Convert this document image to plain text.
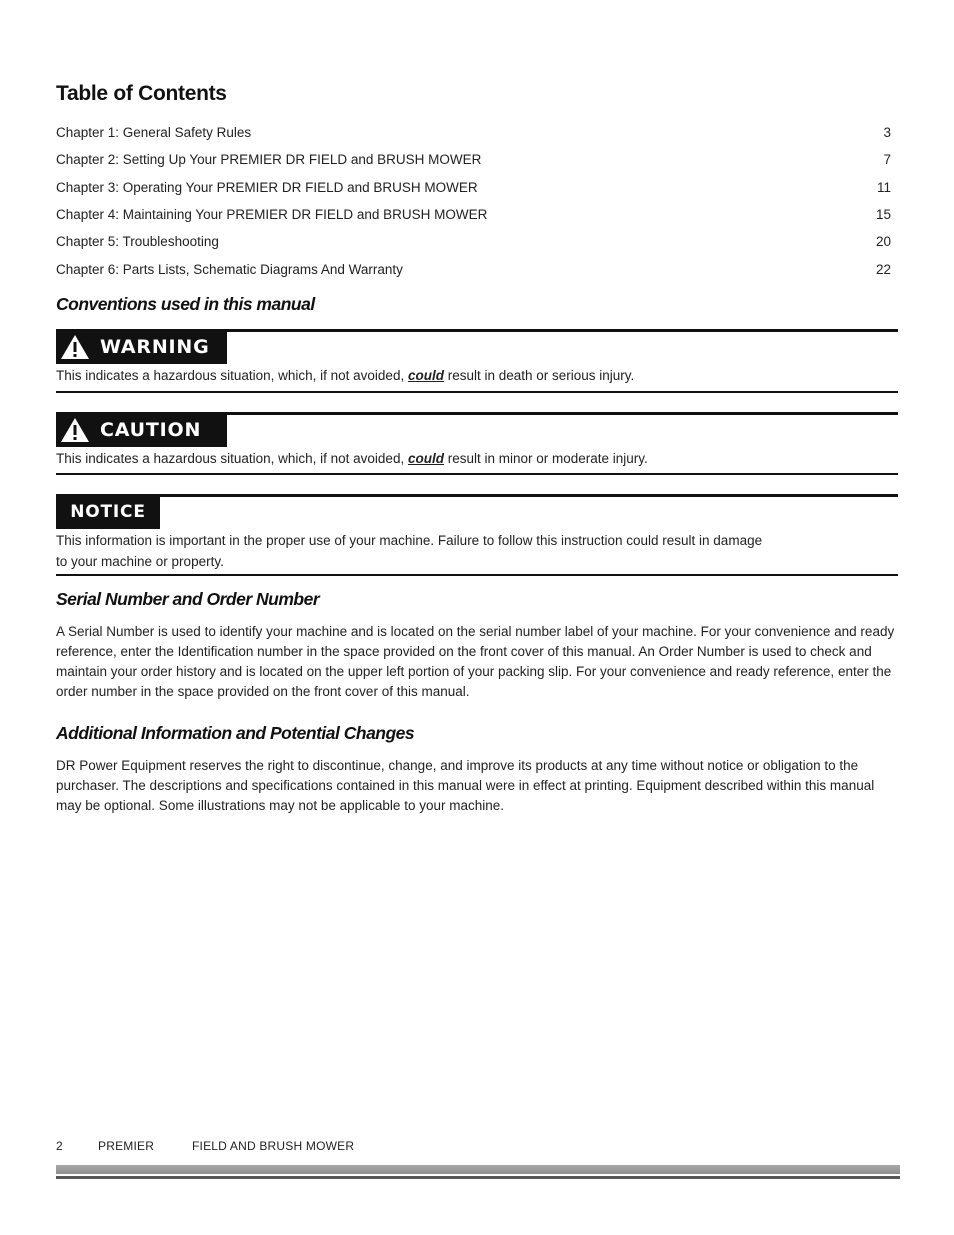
Table of Contents
Chapter 1: General Safety Rules	3
Chapter 2: Setting Up Your PREMIER DR FIELD and BRUSH MOWER	7
Chapter 3: Operating Your PREMIER DR FIELD and BRUSH MOWER	11
Chapter 4: Maintaining Your PREMIER DR FIELD and BRUSH MOWER	15
Chapter 5: Troubleshooting	20
Chapter 6: Parts Lists, Schematic Diagrams And Warranty	22
Conventions used in this manual
WARNING

This indicates a hazardous situation, which, if not avoided, could result in death or serious injury.

CAUTION

This indicates a hazardous situation, which, if not avoided, could result in minor or moderate injury.

NOTICE

This information is important in the proper use of your machine. Failure to follow this instruction could result in damage

to your machine or property.

Serial Number and Order Number

A Serial Number is used to identify your machine and is located on the serial number label of your machine. For your convenience and ready reference, enter the Identification number in the space provided on the front cover of this manual. An Order Number is used to check and maintain your order history and is located on the upper left portion of your packing slip. For your convenience and ready reference, enter the order number in the space provided on the front cover of this manual.

Additional Information and Potential Changes

DR Power Equipment reserves the right to discontinue, change, and improve its products at any time without notice or obligation to the purchaser. The descriptions and specifications contained in this manual were in effect at printing. Equipment described within this manual may be optional. Some illustrations may not be applicable to your machine.

2	PREMIER	FIELD AND BRUSH MOWER
